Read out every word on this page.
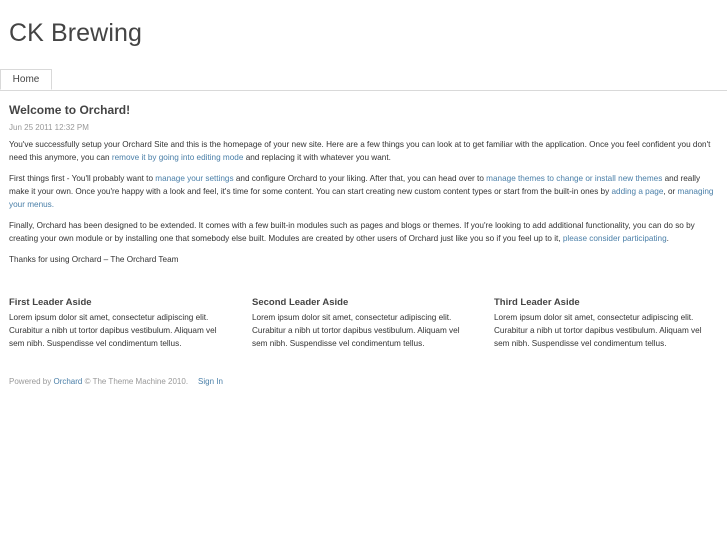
CK Brewing
Home
Welcome to Orchard!
Jun 25 2011 12:32 PM

You've successfully setup your Orchard Site and this is the homepage of your new site. Here are a few things you can look at to get familiar with the application. Once you feel confident you don't need this anymore, you can remove it by going into editing mode and replacing it with whatever you want.

First things first - You'll probably want to manage your settings and configure Orchard to your liking. After that, you can head over to manage themes to change or install new themes and really make it your own. Once you're happy with a look and feel, it's time for some content. You can start creating new custom content types or start from the built-in ones by adding a page, or managing your menus.

Finally, Orchard has been designed to be extended. It comes with a few built-in modules such as pages and blogs or themes. If you're looking to add additional functionality, you can do so by creating your own module or by installing one that somebody else built. Modules are created by other users of Orchard just like you so if you feel up to it, please consider participating.

Thanks for using Orchard – The Orchard Team

First Leader Aside

Lorem ipsum dolor sit amet, consectetur adipiscing elit. Curabitur a nibh ut tortor dapibus vestibulum. Aliquam vel sem nibh. Suspendisse vel condimentum tellus.

Second Leader Aside

Lorem ipsum dolor sit amet, consectetur adipiscing elit. Curabitur a nibh ut tortor dapibus vestibulum. Aliquam vel sem nibh. Suspendisse vel condimentum tellus.

Third Leader Aside

Lorem ipsum dolor sit amet, consectetur adipiscing elit. Curabitur a nibh ut tortor dapibus vestibulum. Aliquam vel sem nibh. Suspendisse vel condimentum tellus.

Powered by Orchard © The Theme Machine 2010. Sign In
